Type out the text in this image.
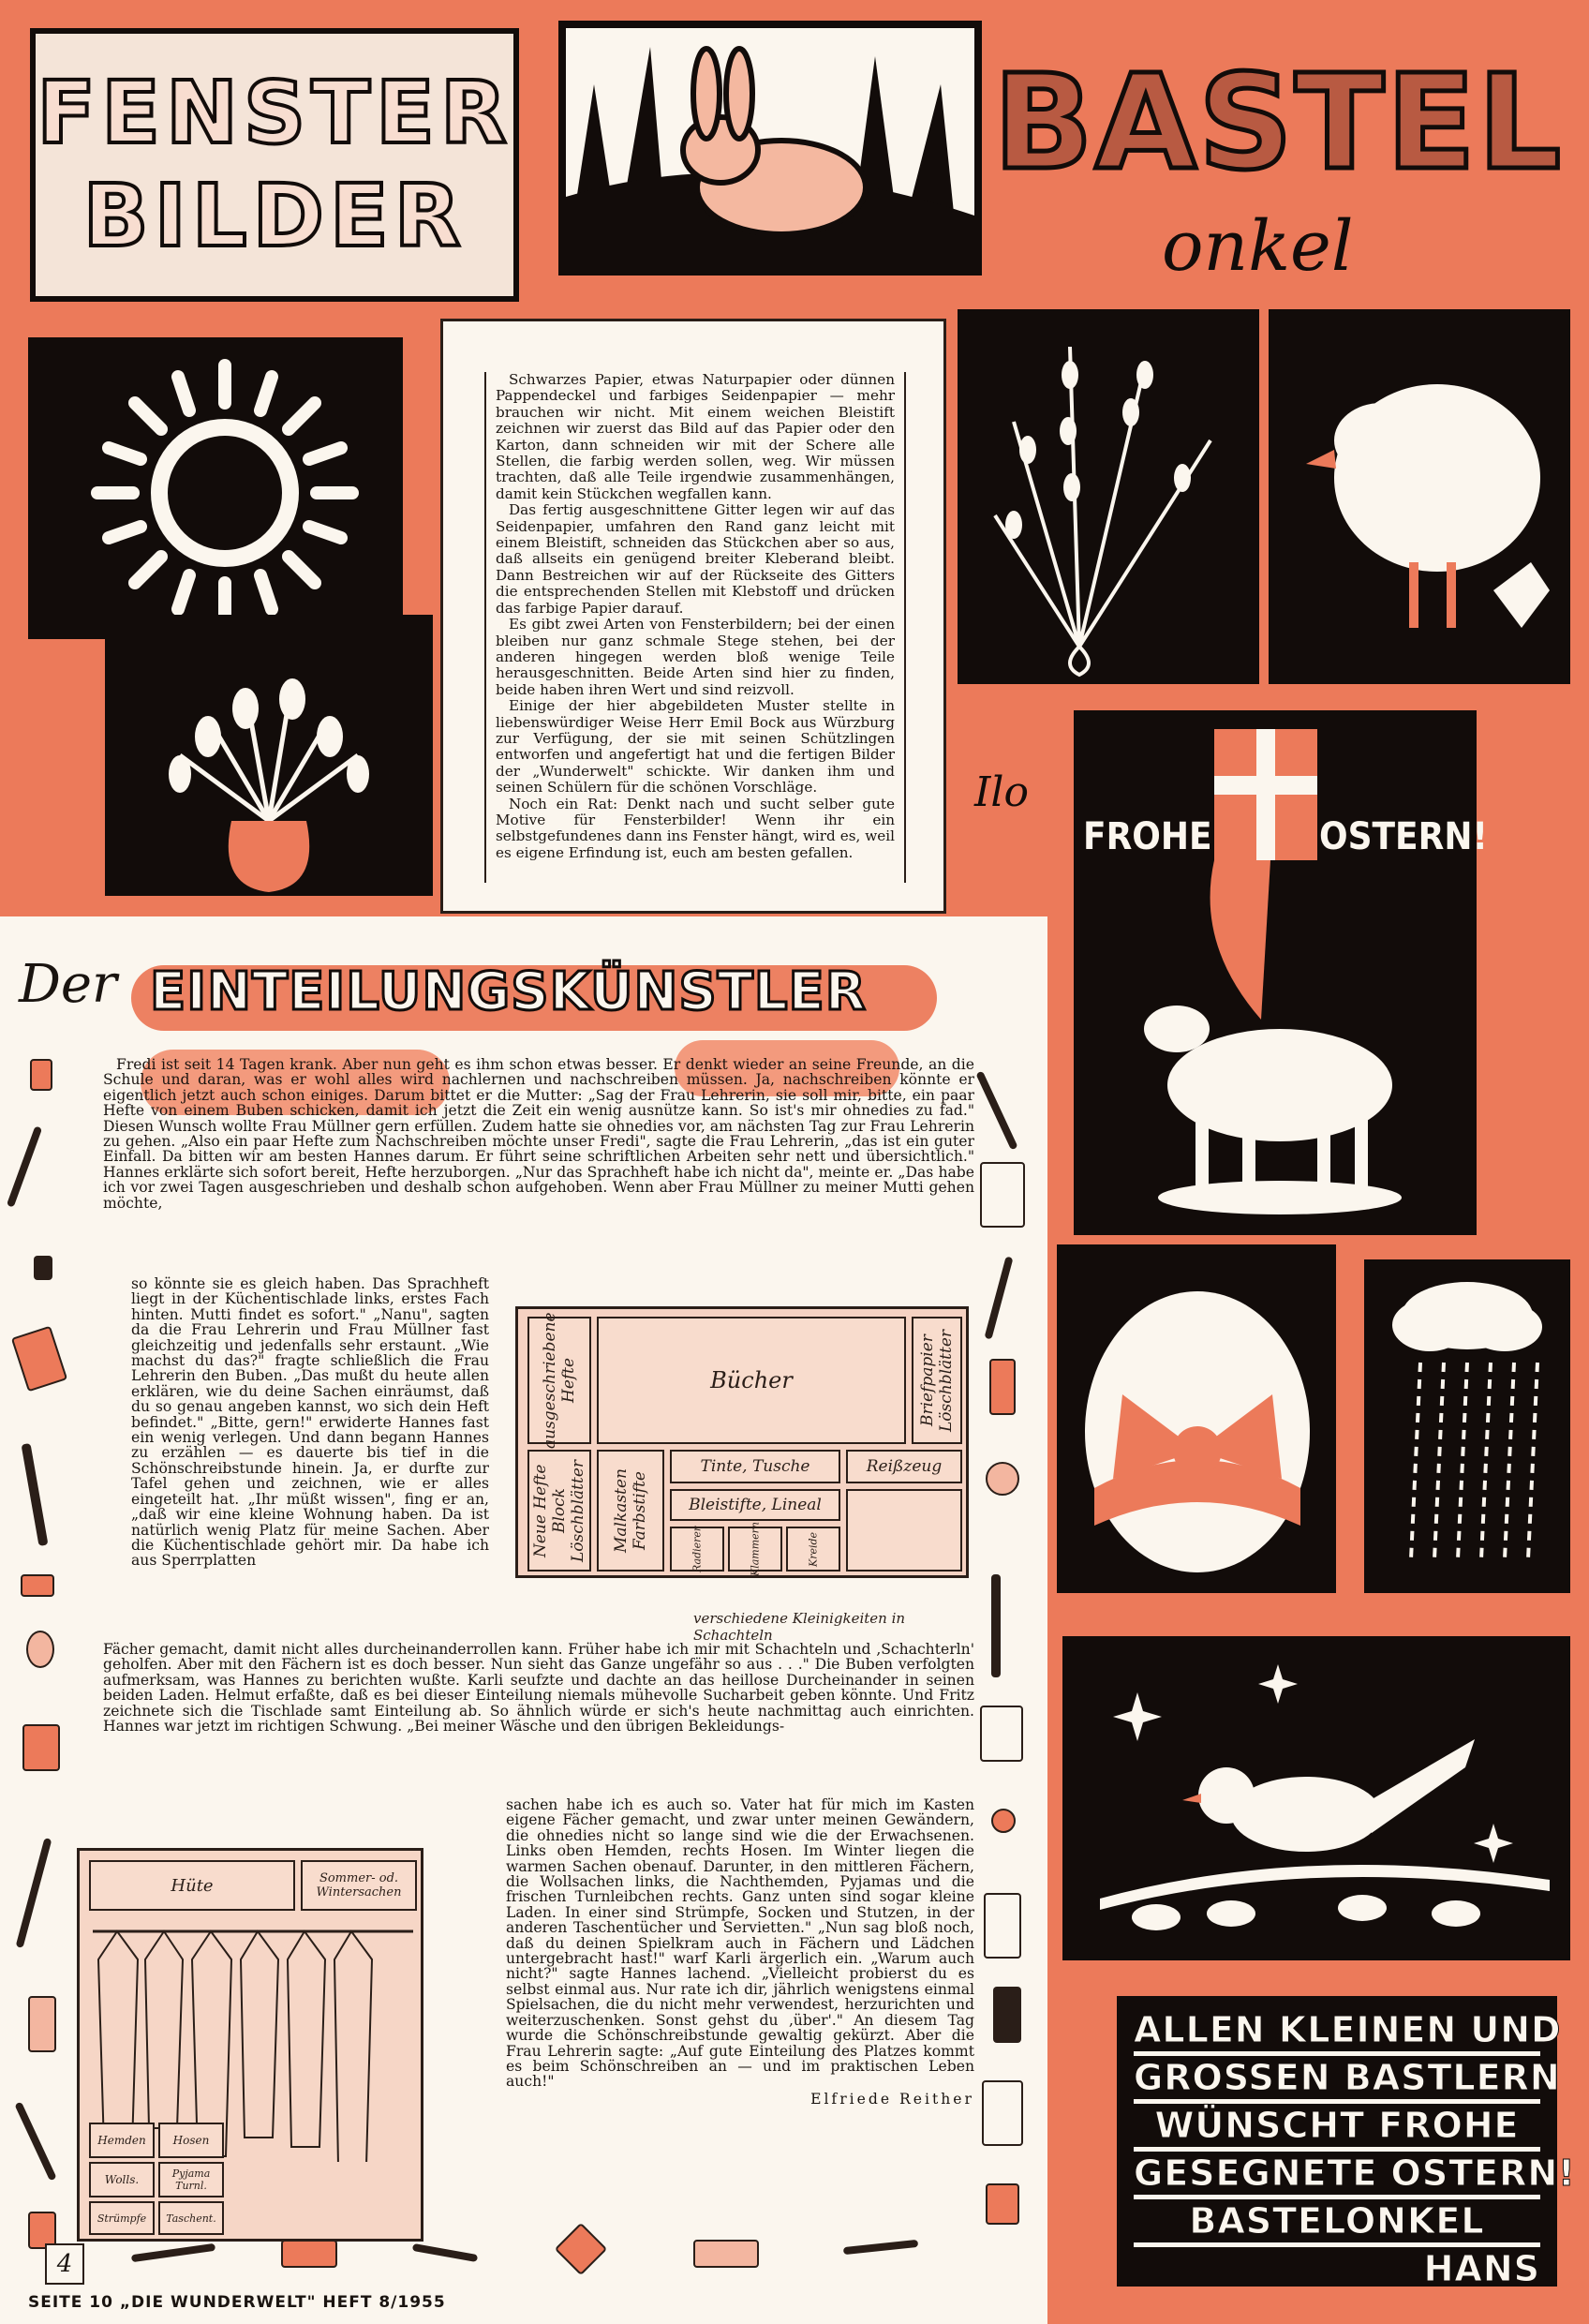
FENSTER
BILDER
BASTEL
onkel

Schwarzes Papier, etwas Naturpapier oder dünnen Pappendeckel und farbiges Seidenpapier — mehr brauchen wir nicht. Mit einem weichen Bleistift zeichnen wir zuerst das Bild auf das Papier oder den Karton, dann schneiden wir mit der Schere alle Stellen, die farbig werden sollen, weg. Wir müssen trachten, daß alle Teile irgendwie zusammenhängen, damit kein Stückchen wegfallen kann.

Das fertig ausgeschnittene Gitter legen wir auf das Seidenpapier, umfahren den Rand ganz leicht mit einem Bleistift, schneiden das Stückchen aber so aus, daß allseits ein genügend breiter Kleberand bleibt. Dann Bestreichen wir auf der Rückseite des Gitters die entsprechenden Stellen mit Klebstoff und drücken das farbige Papier darauf.

Es gibt zwei Arten von Fensterbildern; bei der einen bleiben nur ganz schmale Stege stehen, bei der anderen hingegen werden bloß wenige Teile herausgeschnitten. Beide Arten sind hier zu finden, beide haben ihren Wert und sind reizvoll.

Einige der hier abgebildeten Muster stellte in liebenswürdiger Weise Herr Emil Bock aus Würzburg zur Verfügung, der sie mit seinen Schützlingen entworfen und angefertigt hat und die fertigen Bilder der „Wunderwelt" schickte. Wir danken ihm und seinen Schülern für die schönen Vorschläge.

Noch ein Rat: Denkt nach und sucht selber gute Motive für Fensterbilder! Wenn ihr ein selbstgefundenes dann ins Fenster hängt, wird es, weil es eigene Erfindung ist, euch am besten gefallen.

Ilo
FROHE	OSTERN!
ALLEN KLEINEN UND
GROSSEN BASTLERN
WÜNSCHT FROHE
GESEGNETE OSTERN!
BASTELONKEL
HANS
Der EINTEILUNGSKÜNSTLER

Fredi ist seit 14 Tagen krank. Aber nun geht es ihm schon etwas besser. Er denkt wieder an seine Freunde, an die Schule und daran, was er wohl alles wird nachlernen und nachschreiben müssen. Ja, nachschreiben könnte er eigentlich jetzt auch schon einiges. Darum bittet er die Mutter: „Sag der Frau Lehrerin, sie soll mir, bitte, ein paar Hefte von einem Buben schicken, damit ich jetzt die Zeit ein wenig ausnütze kann. So ist's mir ohnedies zu fad." Diesen Wunsch wollte Frau Müllner gern erfüllen. Zudem hatte sie ohnedies vor, am nächsten Tag zur Frau Lehrerin zu gehen. „Also ein paar Hefte zum Nachschreiben möchte unser Fredi", sagte die Frau Lehrerin, „das ist ein guter Einfall. Da bitten wir am besten Hannes darum. Er führt seine schriftlichen Arbeiten sehr nett und übersichtlich." Hannes erklärte sich sofort bereit, Hefte herzuborgen. „Nur das Sprachheft habe ich nicht da", meinte er. „Das habe ich vor zwei Tagen ausgeschrieben und deshalb schon aufgehoben. Wenn aber Frau Müllner zu meiner Mutti gehen möchte,

so könnte sie es gleich haben. Das Sprachheft liegt in der Küchentischlade links, erstes Fach hinten. Mutti findet es sofort." „Nanu", sagten da die Frau Lehrerin und Frau Müllner fast gleichzeitig und jedenfalls sehr erstaunt. „Wie machst du das?" fragte schließlich die Frau Lehrerin den Buben. „Das mußt du heute allen erklären, wie du deine Sachen einräumst, daß du so genau angeben kannst, wo sich dein Heft befindet." „Bitte, gern!" erwiderte Hannes fast ein wenig verlegen. Und dann begann Hannes zu erzählen — es dauerte bis tief in die Schönschreibstunde hinein. Ja, er durfte zur Tafel gehen und zeichnen, wie er alles eingeteilt hat. „Ihr müßt wissen", fing er an, „daß wir eine kleine Wohnung haben. Da ist natürlich wenig Platz für meine Sachen. Aber die Küchentischlade gehört mir. Da habe ich aus Sperrplatten

Fächer gemacht, damit nicht alles durcheinanderrollen kann. Früher habe ich mir mit Schachteln und ‚Schachterln' geholfen. Aber mit den Fächern ist es doch besser. Nun sieht das Ganze ungefähr so aus . . ." Die Buben verfolgten aufmerksam, was Hannes zu berichten wußte. Karli seufzte und dachte an das heillose Durcheinander in seinen beiden Laden. Helmut erfaßte, daß es bei dieser Einteilung niemals mühevolle Sucharbeit geben könnte. Und Fritz zeichnete sich die Tischlade samt Einteilung ab. So ähnlich würde er sich's heute nachmittag auch einrichten. Hannes war jetzt im richtigen Schwung. „Bei meiner Wäsche und den übrigen Bekleidungs-

sachen habe ich es auch so. Vater hat für mich im Kasten eigene Fächer gemacht, und zwar unter meinen Gewändern, die ohnedies nicht so lange sind wie die der Erwachsenen. Links oben Hemden, rechts Hosen. Im Winter liegen die warmen Sachen obenauf. Darunter, in den mittleren Fächern, die Wollsachen links, die Nachthemden, Pyjamas und die frischen Turnleibchen rechts. Ganz unten sind sogar kleine Laden. In einer sind Strümpfe, Socken und Stutzen, in der anderen Taschentücher und Servietten." „Nun sag bloß noch, daß du deinen Spielkram auch in Fächern und Lädchen untergebracht hast!" warf Karli ärgerlich ein. „Warum auch nicht?" sagte Hannes lachend. „Vielleicht probierst du es selbst einmal aus. Nur rate ich dir, jährlich wenigstens einmal Spielsachen, die du nicht mehr verwendest, herzurichten und weiterzuschenken. Sonst gehst du ‚über'." An diesem Tag wurde die Schönschreibstunde gewaltig gekürzt. Aber die Frau Lehrerin sagte: „Auf gute Einteilung des Platzes kommt es beim Schönschreiben an — und im praktischen Leben auch!"

Elfriede Reither
ausgeschriebene Hefte	Bücher	Briefpapier Löschblätter
Neue Hefte Block Löschblätter	Malkasten Farbstifte
Tinte, Tusche	Reißzeug
Bleistifte, Lineal
Radierer	Klammern	Kreide
verschiedene Kleinigkeiten in Schachteln
Hüte	Sommer- od. Wintersachen
Hemden	Hosen
Wolls.	Pyjama Turnl.
Strümpfe	Taschent.
4
SEITE 10 „DIE WUNDERWELT" HEFT 8/1955
